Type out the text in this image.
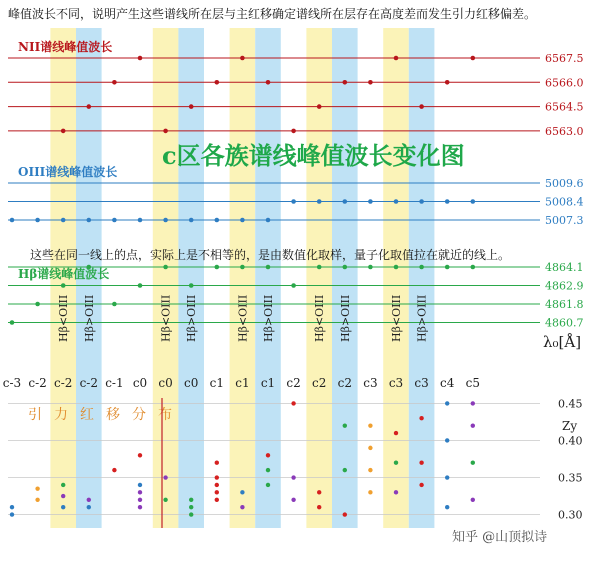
6567.5
6566.0
6564.5
6563.0
5009.6
5008.4
5007.3
4864.1
4862.9
4861.8
4860.7
c-3 c-2 c-2
Hβ<OIII
c-2
Hβ>OIII
c-1 c0 c0
Hβ<OIII
c0
Hβ>OIII
c1 c1
Hβ<OIII
c1
Hβ>OIII
c2 c2
Hβ<OIII
c2
Hβ>OIII
c3 c3
Hβ<OIII
c3
Hβ>OIII
c4 c5
引 力 红 移 分 布
0.45
0.40
0.35
0.30
峰值波长不同，说明产生这些谱线所在层与主红移确定谱线所在层存在高度差而发生引力红移偏差。
NII谱线峰值波长
OIII谱线峰值波长
Hβ谱线峰值波长
c区各族谱线峰值波长变化图
这些在同一线上的点，实际上是不相等的，是由数值化取样，量子化取值拉在就近的线上。
λ₀[Å]
Zy
知乎 @山顶拟诗
